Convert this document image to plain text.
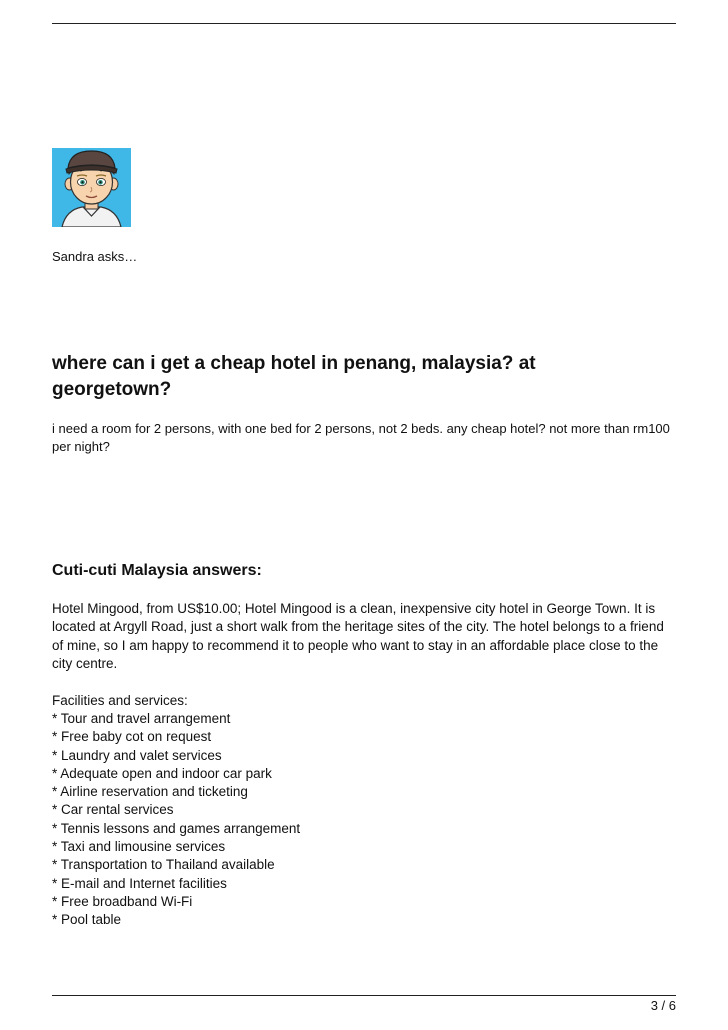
Sandra asks…
where can i get a cheap hotel in penang, malaysia? at georgetown?
i need a room for 2 persons, with one bed for 2 persons, not 2 beds. any cheap hotel? not more than rm100 per night?
Cuti-cuti Malaysia answers:

Hotel Mingood, from US$10.00; Hotel Mingood is a clean, inexpensive city hotel in George Town. It is located at Argyll Road, just a short walk from the heritage sites of the city. The hotel belongs to a friend of mine, so I am happy to recommend it to people who want to stay in an affordable place close to the city centre.

Facilities and services:
* Tour and travel arrangement
* Free baby cot on request
* Laundry and valet services
* Adequate open and indoor car park
* Airline reservation and ticketing
* Car rental services
* Tennis lessons and games arrangement
* Taxi and limousine services
* Transportation to Thailand available
* E-mail and Internet facilities
* Free broadband Wi-Fi
* Pool table
3 / 6
